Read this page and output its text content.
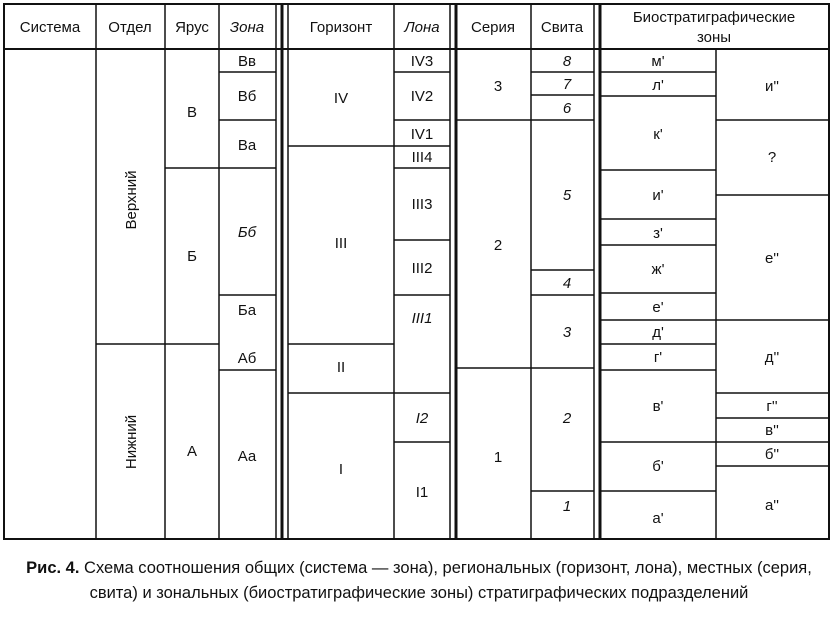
Система Отдел Ярус Зона	Горизонт Лона Серия Свита
Биостратиграфические
зоны
Верхний
Нижний
В
Б
А
Вв
Вб
Ва
Бб
Ба
Аб
Аа
IV
III
II
I
IV3
IV2
IV1
III4
III3
III2
III1
I2
I1
3
2
1
8
7
6
5
4
3
2
1
м'
л'
к'
и'
з'
ж'
е'
д'
г'
в'
б'
а'
и''
?
е''
д''
г''
в''
б''
а''
Рис. 4. Схема соотношения общих (система — зона), региональных (горизонт, лона), местных (серия, свита) и зональных (биостратиграфические зоны) стратиграфических подразделений
